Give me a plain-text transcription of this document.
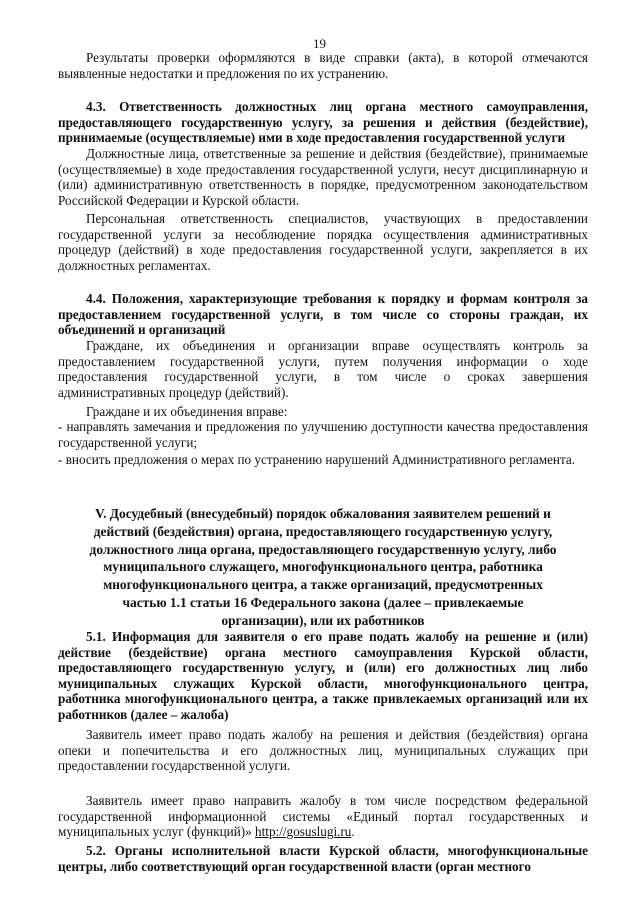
19
Результаты проверки оформляются в виде справки (акта), в которой отмечаются выявленные недостатки и предложения по их устранению.
4.3. Ответственность должностных лиц органа местного самоуправления, предоставляющего государственную услугу, за решения и действия (бездействие), принимаемые (осуществляемые) ими в ходе предоставления государственной услуги
Должностные лица, ответственные за решение и действия (бездействие), принимаемые (осуществляемые) в ходе предоставления государственной услуги, несут дисциплинарную и (или) административную ответственность в порядке, предусмотренном законодательством Российской Федерации и Курской области.
Персональная ответственность специалистов, участвующих в предоставлении государственной услуги за несоблюдение порядка осуществления административных процедур (действий) в ходе предоставления государственной услуги, закрепляется в их должностных регламентах.
4.4. Положения, характеризующие требования к порядку и формам контроля за предоставлением государственной услуги, в том числе со стороны граждан, их объединений и организаций
Граждане, их объединения и организации вправе осуществлять контроль за предоставлением государственной услуги, путем получения информации о ходе предоставления государственной услуги, в том числе о сроках завершения административных процедур (действий).
Граждане и их объединения вправе:
- направлять замечания и предложения по улучшению доступности качества предоставления государственной услуги;
- вносить предложения о мерах по устранению нарушений Административного регламента.
V. Досудебный (внесудебный) порядок обжалования заявителем решений и действий (бездействия) органа, предоставляющего государственную услугу, должностного лица органа, предоставляющего государственную услугу, либо муниципального служащего, многофункционального центра, работника многофункционального центра, а также организаций, предусмотренных частью 1.1 статьи 16 Федерального закона (далее – привлекаемые организации), или их работников
5.1. Информация для заявителя о его праве подать жалобу на решение и (или) действие (бездействие) органа местного самоуправления Курской области, предоставляющего государственную услугу, и (или) его должностных лиц либо муниципальных служащих Курской области, многофункционального центра, работника многофункционального центра, а также привлекаемых организаций или их работников (далее – жалоба)
Заявитель имеет право подать жалобу на решения и действия (бездействия) органа опеки и попечительства и его должностных лиц, муниципальных служащих при предоставлении государственной услуги.
Заявитель имеет право направить жалобу в том числе посредством федеральной государственной информационной системы «Единый портал государственных и муниципальных услуг (функций)» http://gosuslugi.ru.
5.2. Органы исполнительной власти Курской области, многофункциональные центры, либо соответствующий орган государственной власти (орган местного
